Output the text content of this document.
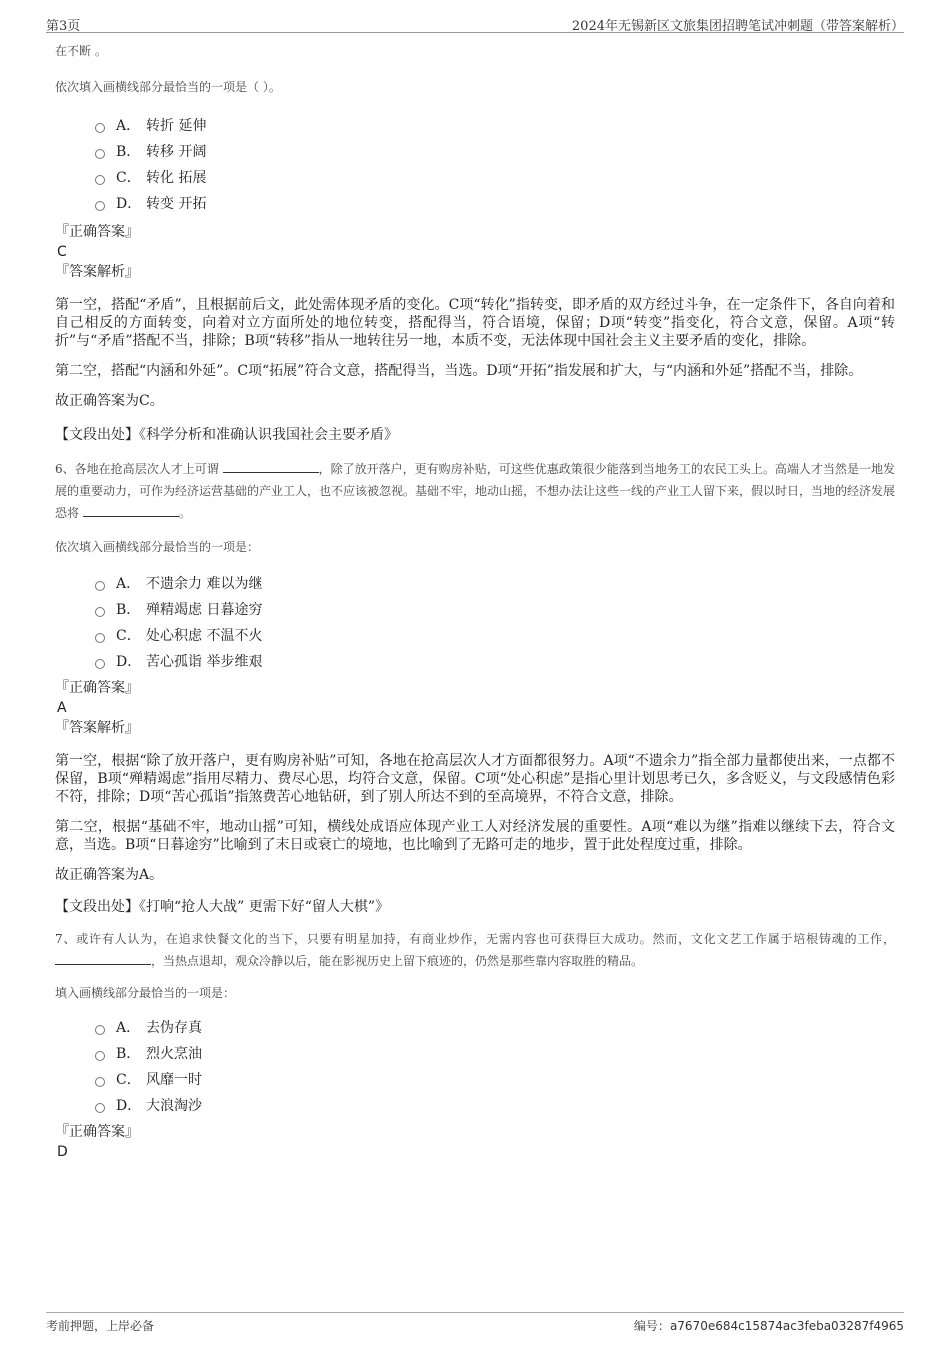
第3页	2024年无锡新区文旅集团招聘笔试冲刺题（带答案解析）
在不断 。
依次填入画横线部分最恰当的一项是（ ）。
A． 转折 延伸
B． 转移 开阔
C． 转化 拓展
D． 转变 开拓
『正确答案』
C
『答案解析』
第一空，搭配“矛盾”，且根据前后文，此处需体现矛盾的变化。C项“转化”指转变，即矛盾的双方经过斗争，在一定条件下，各自向着和自己相反的方面转变，向着对立方面所处的地位转变，搭配得当，符合语境，保留；D项“转变”指变化，符合文意，保留。A项“转折”与“矛盾”搭配不当，排除；B项“转移”指从一地转往另一地，本质不变，无法体现中国社会主义主要矛盾的变化，排除。
第二空，搭配“内涵和外延”。C项“拓展”符合文意，搭配得当，当选。D项“开拓”指发展和扩大，与“内涵和外延”搭配不当，排除。
故正确答案为C。
【文段出处】《科学分析和准确认识我国社会主要矛盾》
6、各地在抢高层次人才上可谓	，除了放开落户，更有购房补贴，可这些优惠政策很少能落到当地务工的农民工头上。高端人才当然是一地发展的重要动力，可作为经济运营基础的产业工人，也不应该被忽视。基础不牢，地动山摇，不想办法让这些一线的产业工人留下来，假以时日，当地的经济发展恐将	。
依次填入画横线部分最恰当的一项是：
A． 不遗余力 难以为继
B． 殚精竭虑 日暮途穷
C． 处心积虑 不温不火
D． 苦心孤诣 举步维艰
『正确答案』
A
『答案解析』
第一空，根据“除了放开落户，更有购房补贴”可知，各地在抢高层次人才方面都很努力。A项“不遗余力”指全部力量都使出来，一点都不保留，B项“殚精竭虑”指用尽精力、费尽心思，均符合文意，保留。C项“处心积虑”是指心里计划思考已久，多含贬义，与文段感情色彩不符，排除；D项“苦心孤诣”指煞费苦心地钻研，到了别人所达不到的至高境界，不符合文意，排除。
第二空，根据“基础不牢，地动山摇”可知，横线处成语应体现产业工人对经济发展的重要性。A项“难以为继”指难以继续下去，符合文意，当选。B项“日暮途穷”比喻到了末日或衰亡的境地，也比喻到了无路可走的地步，置于此处程度过重，排除。
故正确答案为A。
【文段出处】《打响“抢人大战” 更需下好“留人大棋”》
7、或许有人认为，在追求快餐文化的当下，只要有明星加持，有商业炒作，无需内容也可获得巨大成功。然而，文化文艺工作属于培根铸魂的工作，，当热点退却，观众冷静以后，能在影视历史上留下痕迹的，仍然是那些靠内容取胜的精品。
填入画横线部分最恰当的一项是：
A． 去伪存真
B． 烈火烹油
C． 风靡一时
D． 大浪淘沙
『正确答案』
D
考前押题，上岸必备	编号：a7670e684c15874ac3feba03287f4965
